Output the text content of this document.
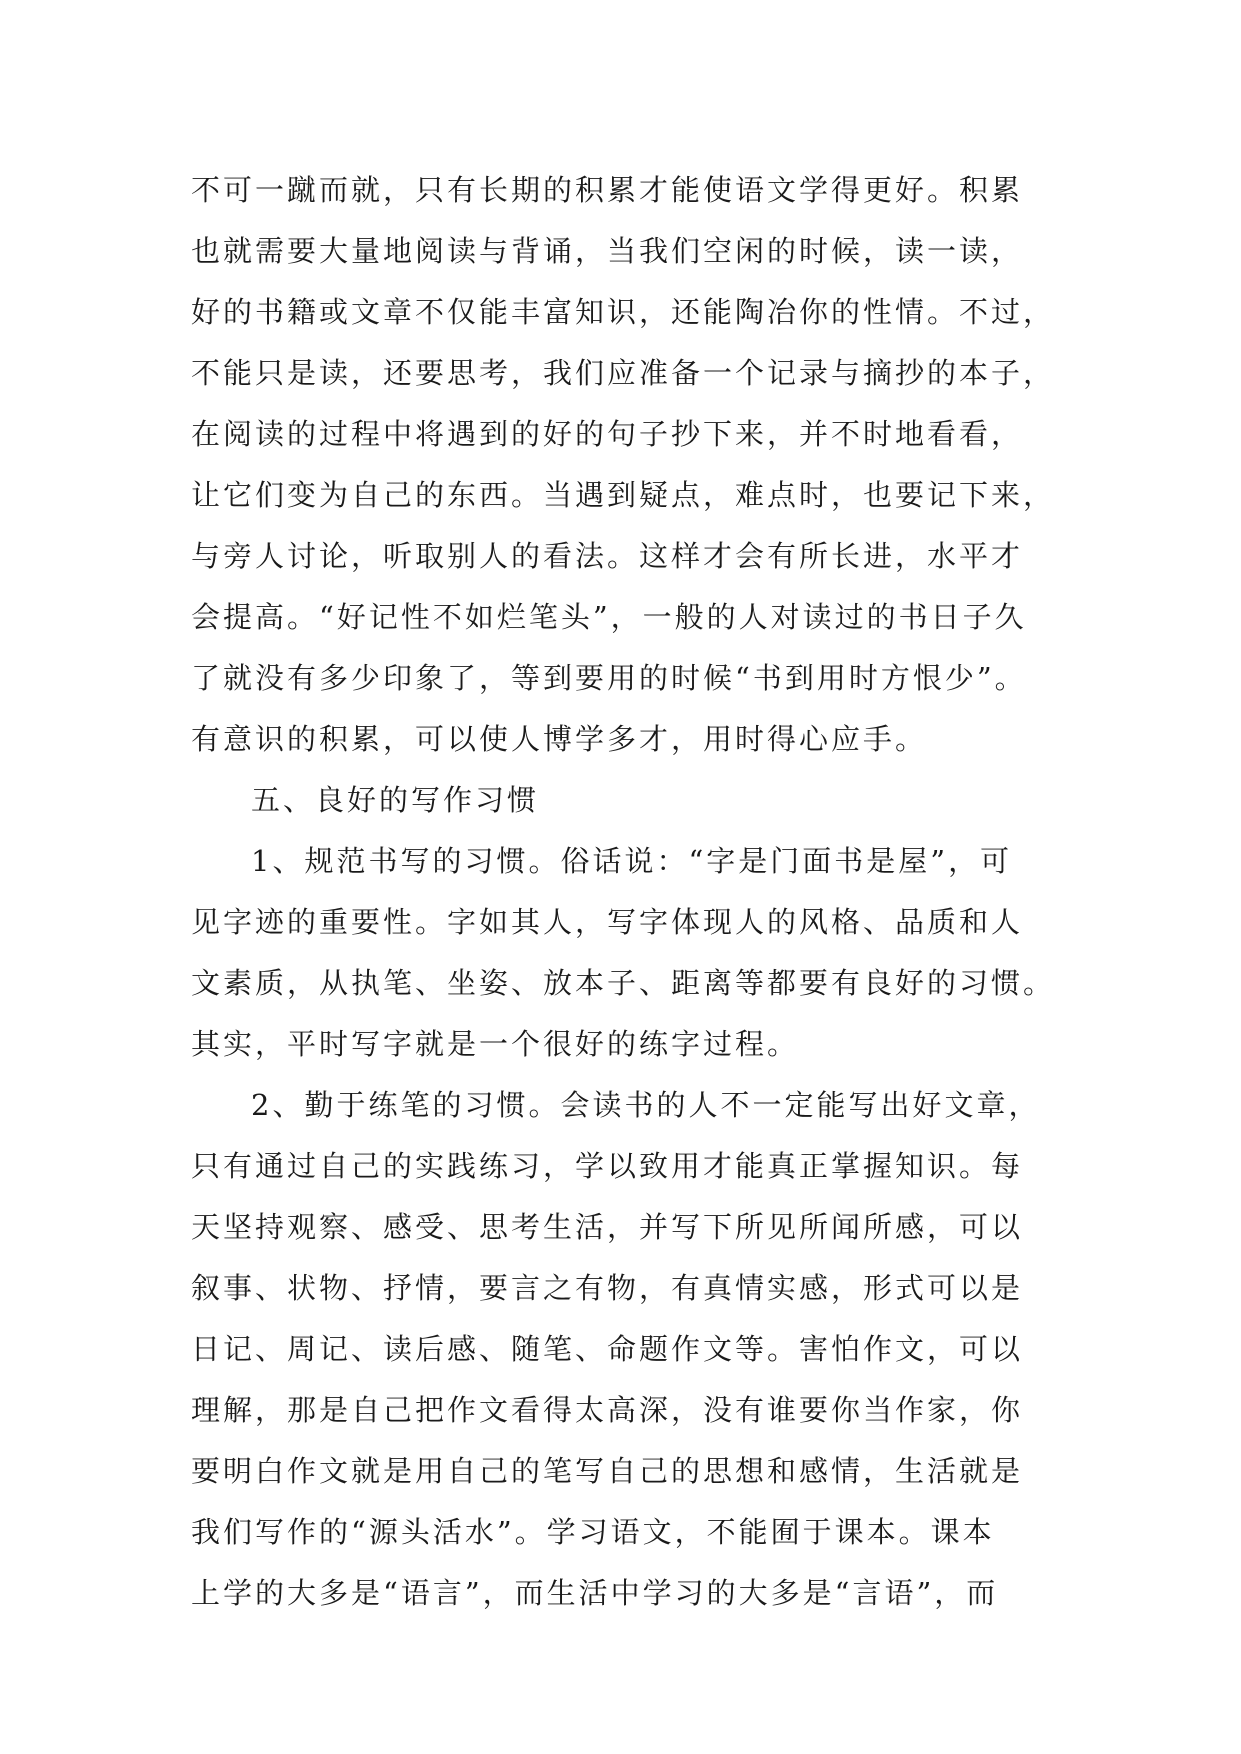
不可一蹴而就，只有长期的积累才能使语文学得更好。积累
也就需要大量地阅读与背诵，当我们空闲的时候，读一读，
好的书籍或文章不仅能丰富知识，还能陶冶你的性情。不过，
不能只是读，还要思考，我们应准备一个记录与摘抄的本子，
在阅读的过程中将遇到的好的句子抄下来，并不时地看看，
让它们变为自己的东西。当遇到疑点，难点时，也要记下来，
与旁人讨论，听取别人的看法。这样才会有所长进，水平才
会提高。“好记性不如烂笔头”，一般的人对读过的书日子久
了就没有多少印象了，等到要用的时候“书到用时方恨少”。
有意识的积累，可以使人博学多才，用时得心应手。
五、良好的写作习惯
1、规范书写的习惯。俗话说：“字是门面书是屋”，可
见字迹的重要性。字如其人，写字体现人的风格、品质和人
文素质，从执笔、坐姿、放本子、距离等都要有良好的习惯。
其实，平时写字就是一个很好的练字过程。
2、勤于练笔的习惯。会读书的人不一定能写出好文章，
只有通过自己的实践练习，学以致用才能真正掌握知识。每
天坚持观察、感受、思考生活，并写下所见所闻所感，可以
叙事、状物、抒情，要言之有物，有真情实感，形式可以是
日记、周记、读后感、随笔、命题作文等。害怕作文，可以
理解，那是自己把作文看得太高深，没有谁要你当作家，你
要明白作文就是用自己的笔写自己的思想和感情，生活就是
我们写作的“源头活水”。学习语文，不能囿于课本。课本
上学的大多是“语言”，而生活中学习的大多是“言语”，而
